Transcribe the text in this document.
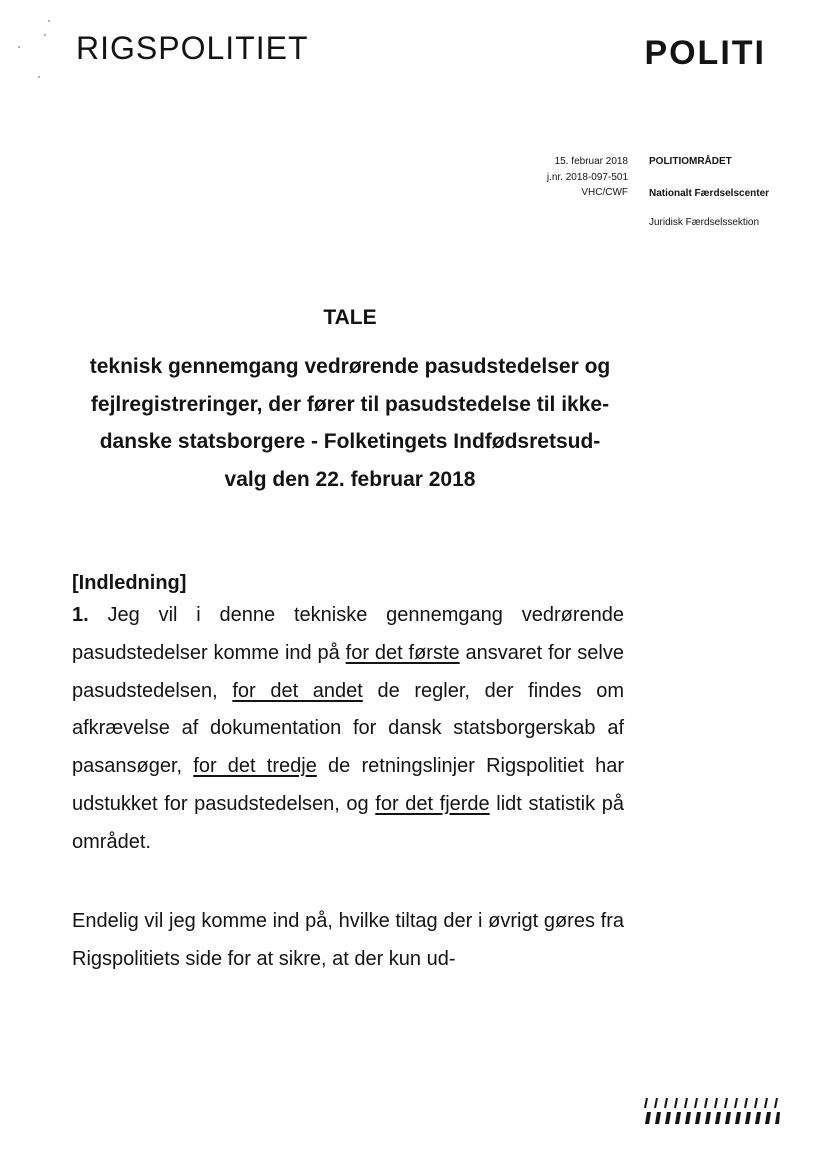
RIGSPOLITIET	POLITI
15. februar 2018
j.nr. 2018-097-501
VHC/CWF
POLITIOMRÅDET
Nationalt Færdselscenter
Juridisk Færdselssektion
TALE
teknisk gennemgang vedrørende pasudstedelser og
fejlregistreringer, der fører til pasudstedelse til ikke-
danske statsborgere - Folketingets Indfødsretsud-
valg den 22. februar 2018
[Indledning]
1. Jeg vil i denne tekniske gennemgang vedrørende pasudstedelser komme ind på for det første ansvaret for selve pasudstedelsen, for det andet de regler, der findes om afkrævelse af dokumentation for dansk statsborgerskab af pasansøger, for det tredje de retningslinjer Rigspolitiet har udstukket for pasudstedelsen, og for det fjerde lidt statistik på området.
Endelig vil jeg komme ind på, hvilke tiltag der i øvrigt gøres fra Rigspolitiets side for at sikre, at der kun ud-
